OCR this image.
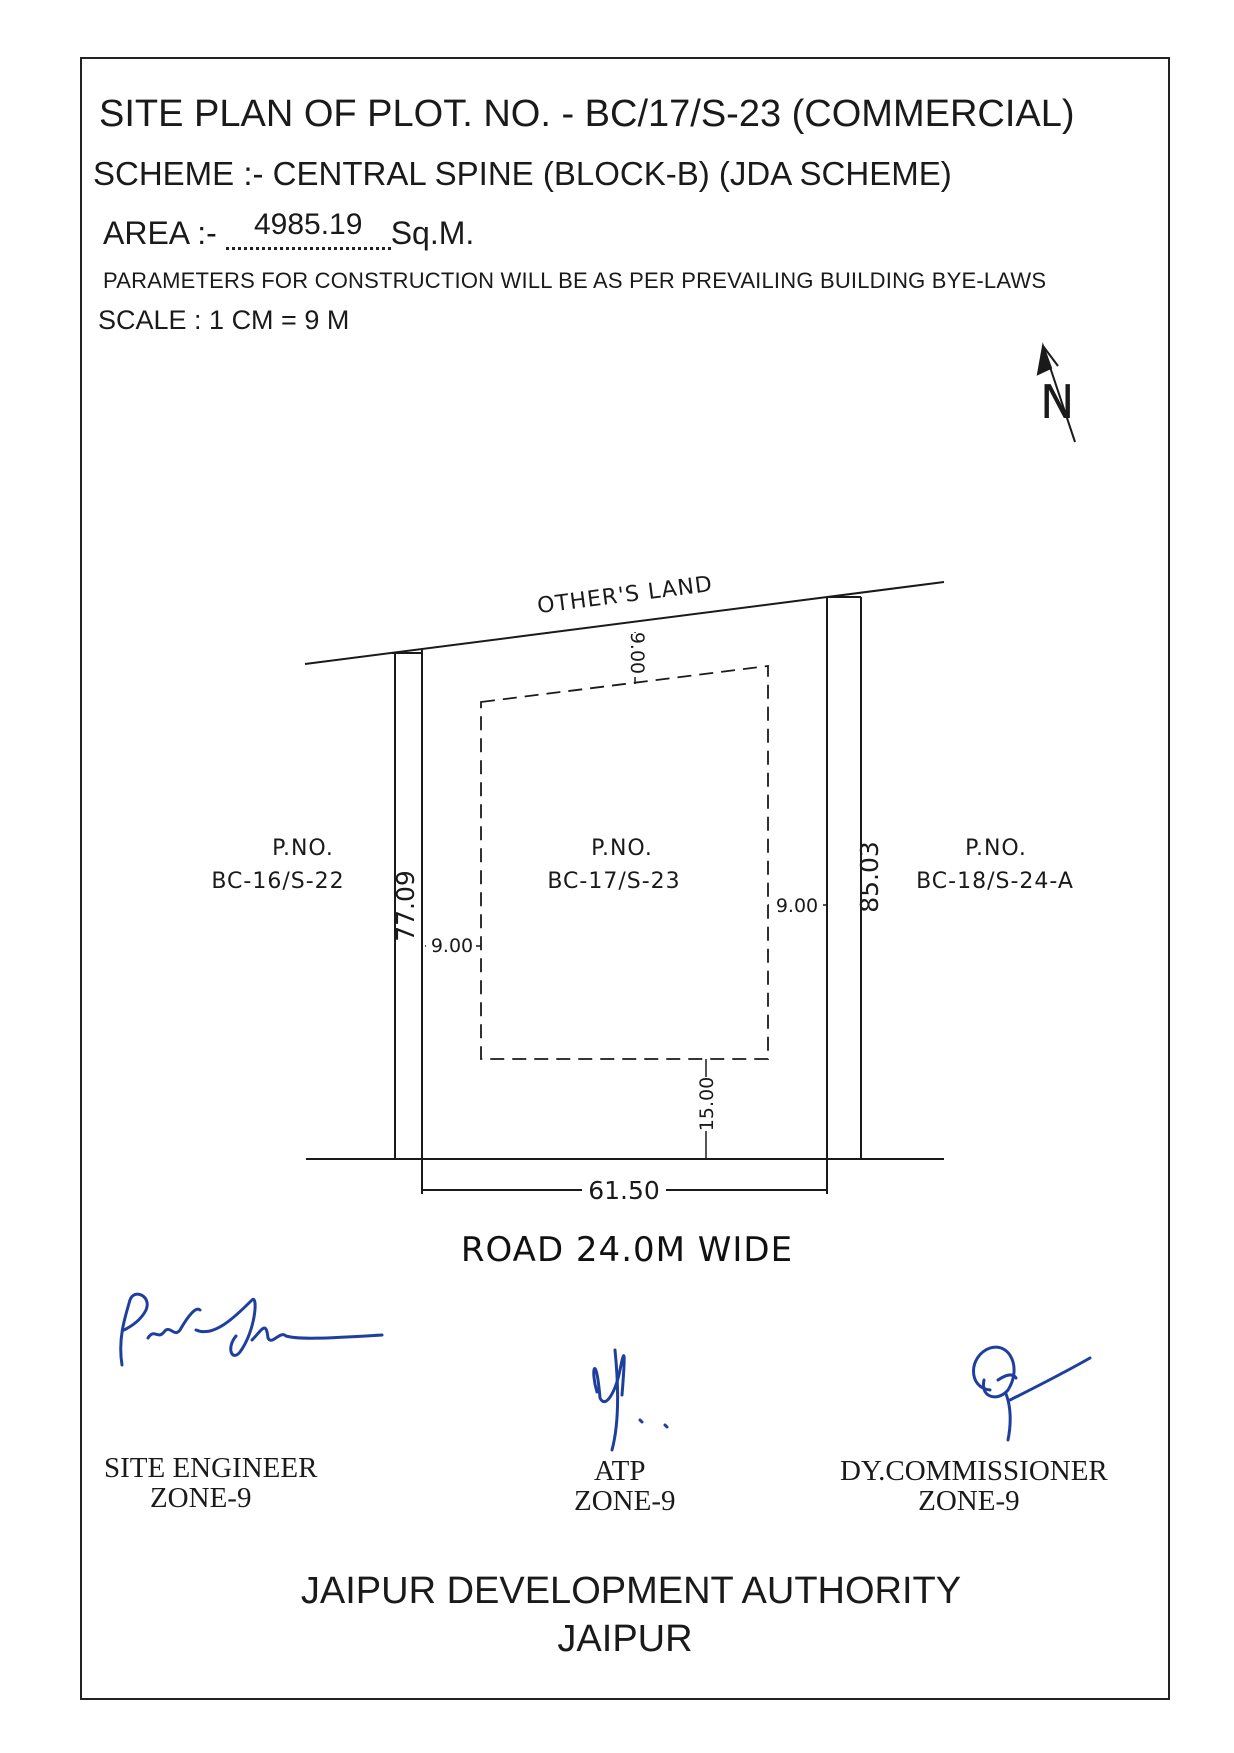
SITE PLAN OF PLOT. NO. - BC/17/S-23 (COMMERCIAL)
SCHEME :- CENTRAL SPINE (BLOCK-B) (JDA SCHEME)
AREA :- 4985.19 Sq.M.
PARAMETERS FOR CONSTRUCTION WILL BE AS PER PREVAILING BUILDING BYE-LAWS
SCALE : 1 CM = 9 M
N
P.NO.
BC-16/S-22
P.NO.
BC-17/S-23
P.NO.
BC-18/S-24-A
OTHER'S LAND
77.09	85.03
61.50
9.00
9.00
9.00
15.00
ROAD 24.0M WIDE
SITE ENGINEER
ZONE-9
ATP
ZONE-9
DY.COMMISSIONER
ZONE-9
JAIPUR DEVELOPMENT AUTHORITY
JAIPUR
